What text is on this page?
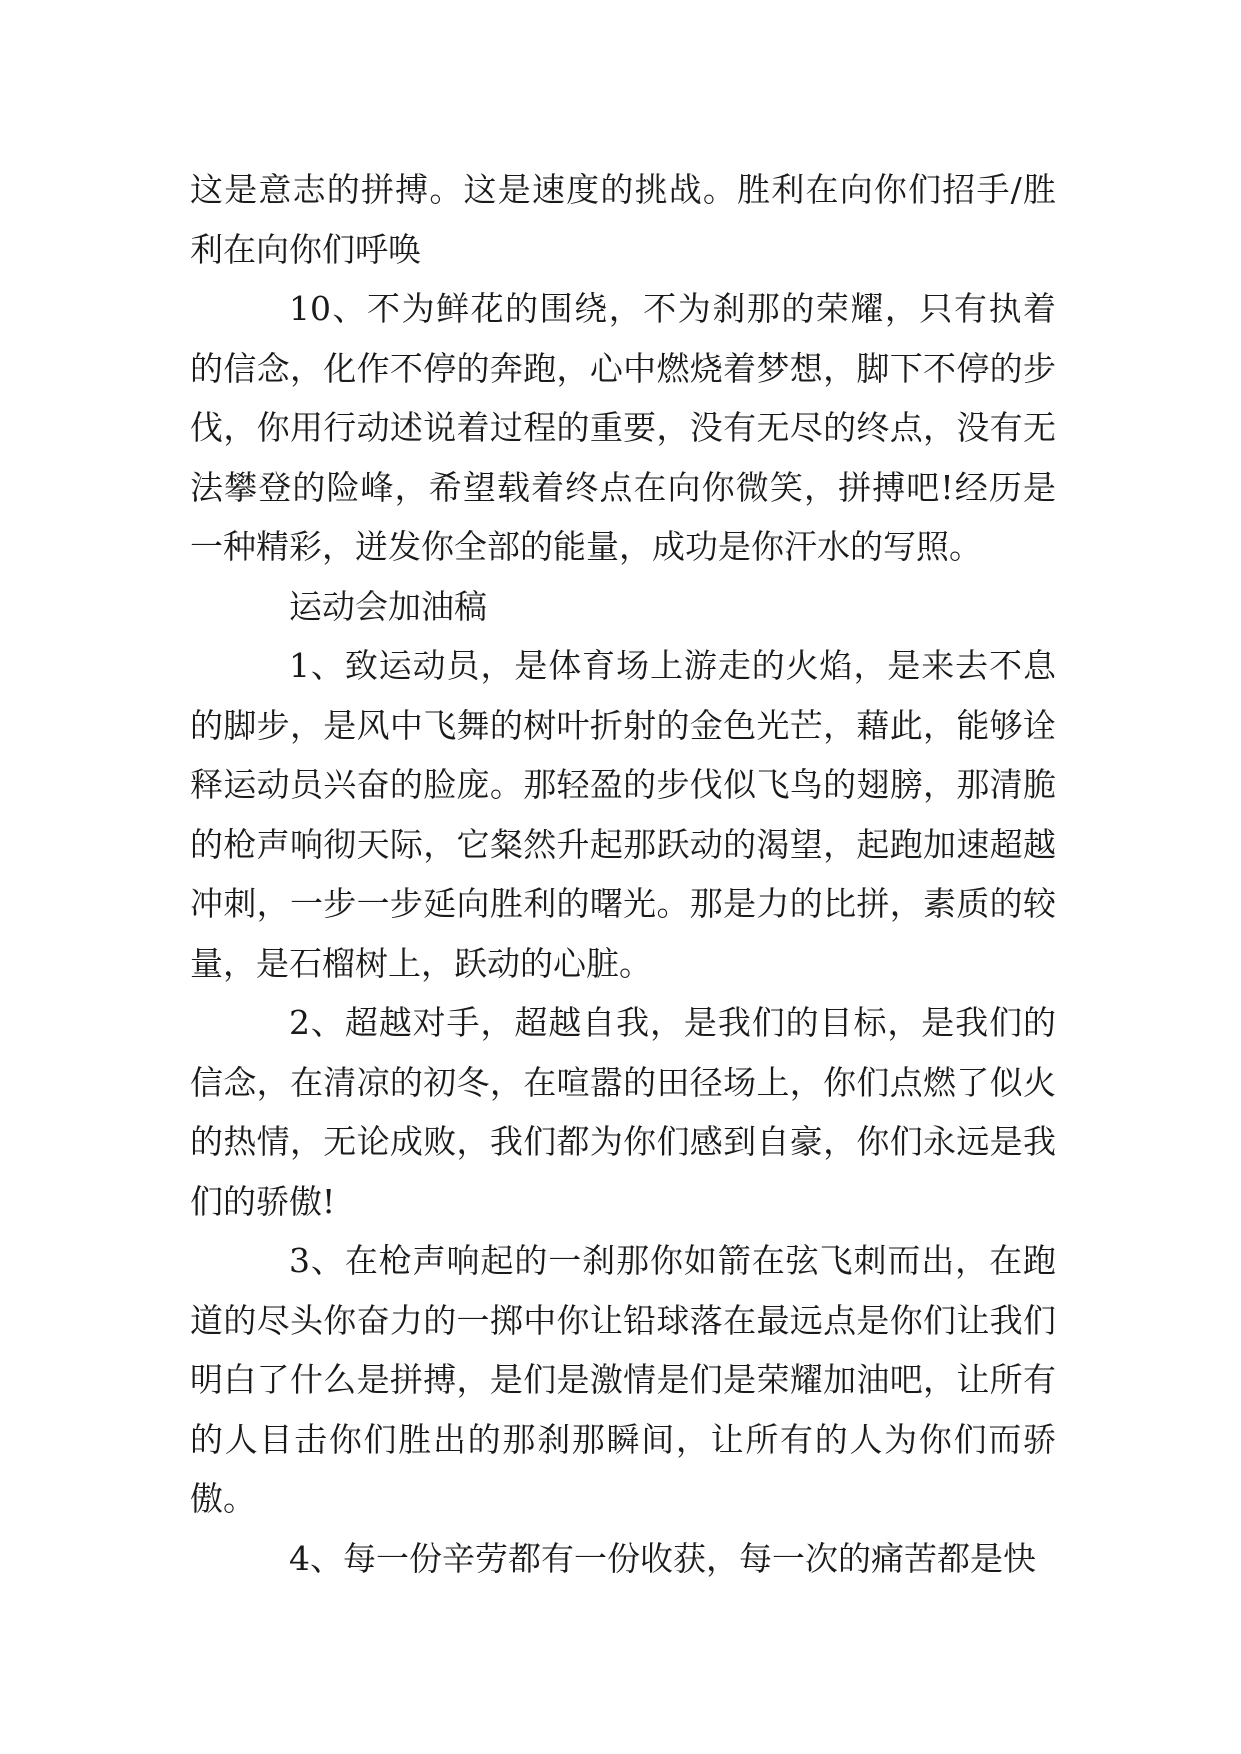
这是意志的拼搏。这是速度的挑战。胜利在向你们招手/胜利在向你们呼唤

10、不为鲜花的围绕，不为刹那的荣耀，只有执着的信念，化作不停的奔跑，心中燃烧着梦想，脚下不停的步伐，你用行动述说着过程的重要，没有无尽的终点，没有无法攀登的险峰，希望载着终点在向你微笑，拼搏吧!经历是一种精彩，迸发你全部的能量，成功是你汗水的写照。

运动会加油稿

1、致运动员，是体育场上游走的火焰，是来去不息的脚步，是风中飞舞的树叶折射的金色光芒，藉此，能够诠释运动员兴奋的脸庞。那轻盈的步伐似飞鸟的翅膀，那清脆的枪声响彻天际，它粲然升起那跃动的渴望，起跑加速超越冲刺，一步一步延向胜利的曙光。那是力的比拼，素质的较量，是石榴树上，跃动的心脏。

2、超越对手，超越自我，是我们的目标，是我们的信念，在清凉的初冬，在喧嚣的田径场上，你们点燃了似火的热情，无论成败，我们都为你们感到自豪，你们永远是我们的骄傲!

3、在枪声响起的一刹那你如箭在弦飞刺而出，在跑道的尽头你奋力的一掷中你让铅球落在最远点是你们让我们明白了什么是拼搏，是们是激情是们是荣耀加油吧，让所有的人目击你们胜出的那刹那瞬间，让所有的人为你们而骄傲。

4、每一份辛劳都有一份收获，每一次的痛苦都是快
